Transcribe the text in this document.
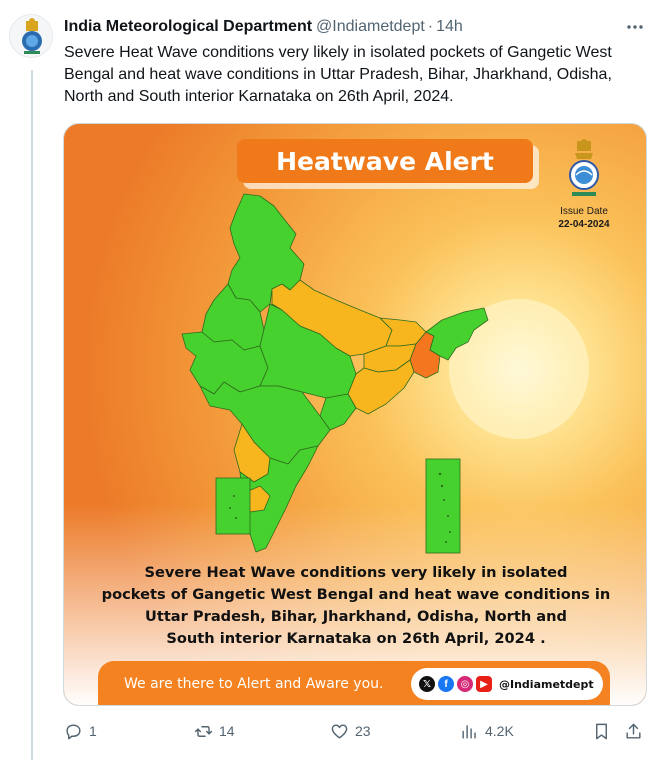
India Meteorological Department @Indiametdept · 14h
Severe Heat Wave conditions very likely in isolated pockets of Gangetic West Bengal and heat wave conditions in Uttar Pradesh, Bihar, Jharkhand, Odisha, North and South interior Karnataka on 26th April, 2024.
Heatwave Alert
Issue Date
22-04-2024
Severe Heat Wave conditions very likely in isolated
pockets of Gangetic West Bengal and heat wave conditions in
Uttar Pradesh, Bihar, Jharkhand, Odisha, North and
South interior Karnataka on 26th April, 2024 .
We are there to Alert and Aware you.	𝕏	f	◎	▶	@Indiametdept
1	14	23	4.2K
